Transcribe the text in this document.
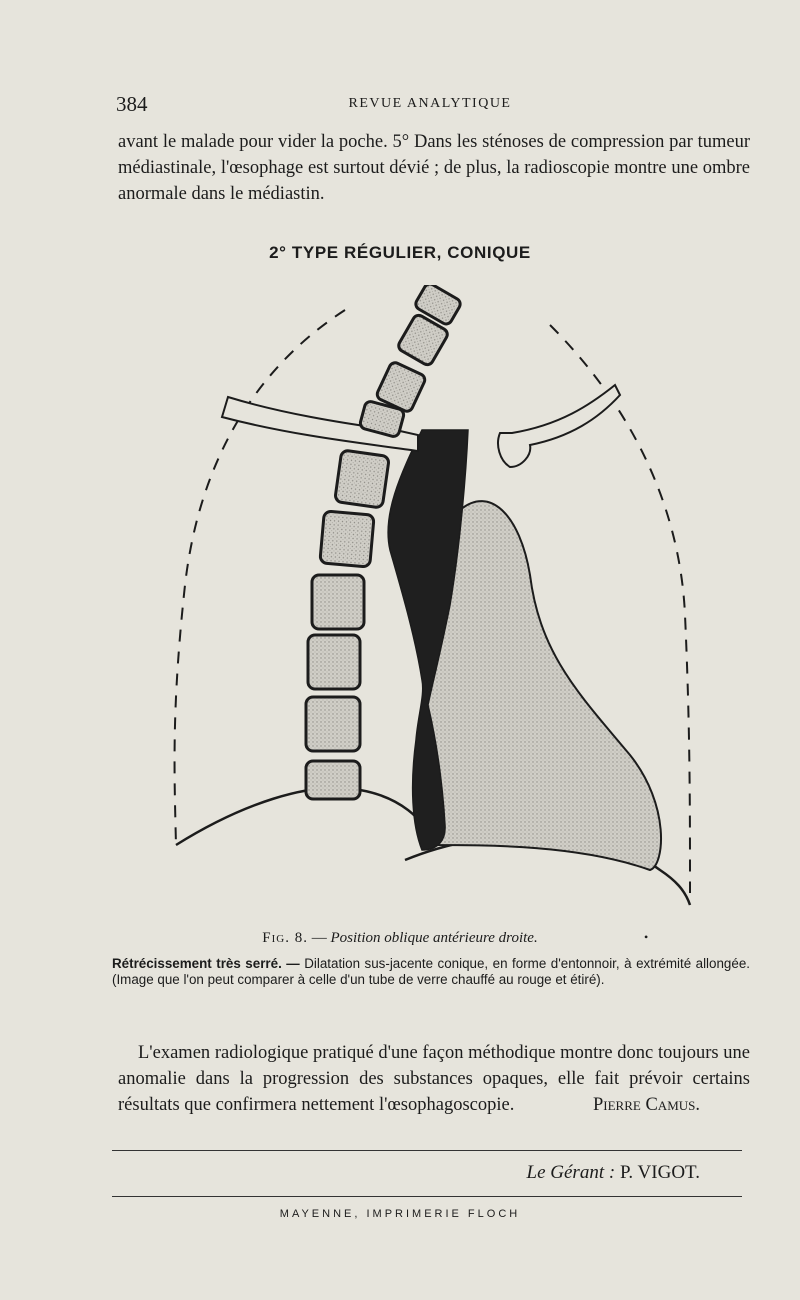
384	REVUE ANALYTIQUE

avant le malade pour vider la poche. 5° Dans les sténoses de compression par tumeur médiastinale, l'œsophage est surtout dévié ; de plus, la radioscopie montre une ombre anormale dans le médiastin.

2° TYPE RÉGULIER, CONIQUE
Fig. 8. — Position oblique antérieure droite.	•
Rétrécissement très serré. — Dilatation sus-jacente conique, en forme d'entonnoir, à extrémité allongée. (Image que l'on peut comparer à celle d'un tube de verre chauffé au rouge et étiré).

L'examen radiologique pratiqué d'une façon méthodique montre donc toujours une anomalie dans la progression des substances opaques, elle fait prévoir certains résultats que confirmera nettement l'œsophagoscopie.	Pierre Camus.

Le Gérant : P. VIGOT.
MAYENNE, IMPRIMERIE FLOCH
